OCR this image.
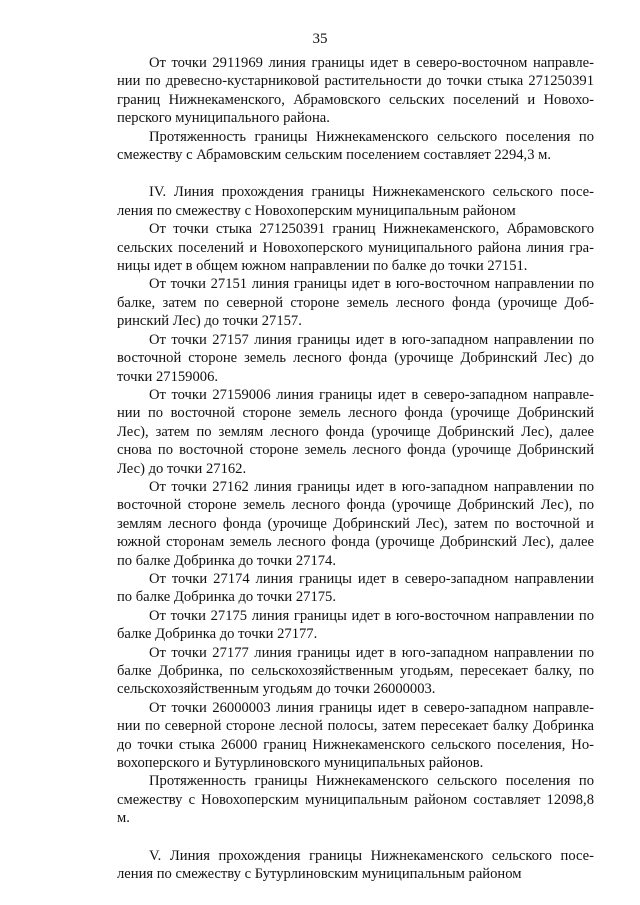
35

От точки 2911969 линия границы идет в северо-восточном направлении по древесно-кустарниковой растительности до точки стыка 271250391 границ Нижнекаменского, Абрамовского сельских поселений и Новохоперского муниципального района.

Протяженность границы Нижнекаменского сельского поселения по смежеству с Абрамовским сельским поселением составляет 2294,3 м.

IV. Линия прохождения границы Нижнекаменского сельского поселения по смежеству с Новохоперским муниципальным районом

От точки стыка 271250391 границ Нижнекаменского, Абрамовского сельских поселений и Новохоперского муниципального района линия границы идет в общем южном направлении по балке до точки 27151.

От точки 27151 линия границы идет в юго-восточном направлении по балке, затем по северной стороне земель лесного фонда (урочище Добринский Лес) до точки 27157.

От точки 27157 линия границы идет в юго-западном направлении по восточной стороне земель лесного фонда (урочище Добринский Лес) до точки 27159006.

От точки 27159006 линия границы идет в северо-западном направлении по восточной стороне земель лесного фонда (урочище Добринский Лес), затем по землям лесного фонда (урочище Добринский Лес), далее снова по восточной стороне земель лесного фонда (урочище Добринский Лес) до точки 27162.

От точки 27162 линия границы идет в юго-западном направлении по восточной стороне земель лесного фонда (урочище Добринский Лес), по землям лесного фонда (урочище Добринский Лес), затем по восточной и южной сторонам земель лесного фонда (урочище Добринский Лес), далее по балке Добринка до точки 27174.

От точки 27174 линия границы идет в северо-западном направлении по балке Добринка до точки 27175.

От точки 27175 линия границы идет в юго-восточном направлении по балке Добринка до точки 27177.

От точки 27177 линия границы идет в юго-западном направлении по балке Добринка, по сельскохозяйственным угодьям, пересекает балку, по сельскохозяйственным угодьям до точки 26000003.

От точки 26000003 линия границы идет в северо-западном направлении по северной стороне лесной полосы, затем пересекает балку Добринка до точки стыка 26000 границ Нижнекаменского сельского поселения, Новохоперского и Бутурлиновского муниципальных районов.

Протяженность границы Нижнекаменского сельского поселения по смежеству с Новохоперским муниципальным районом составляет 12098,8 м.

V. Линия прохождения границы Нижнекаменского сельского поселения по смежеству с Бутурлиновским муниципальным районом
